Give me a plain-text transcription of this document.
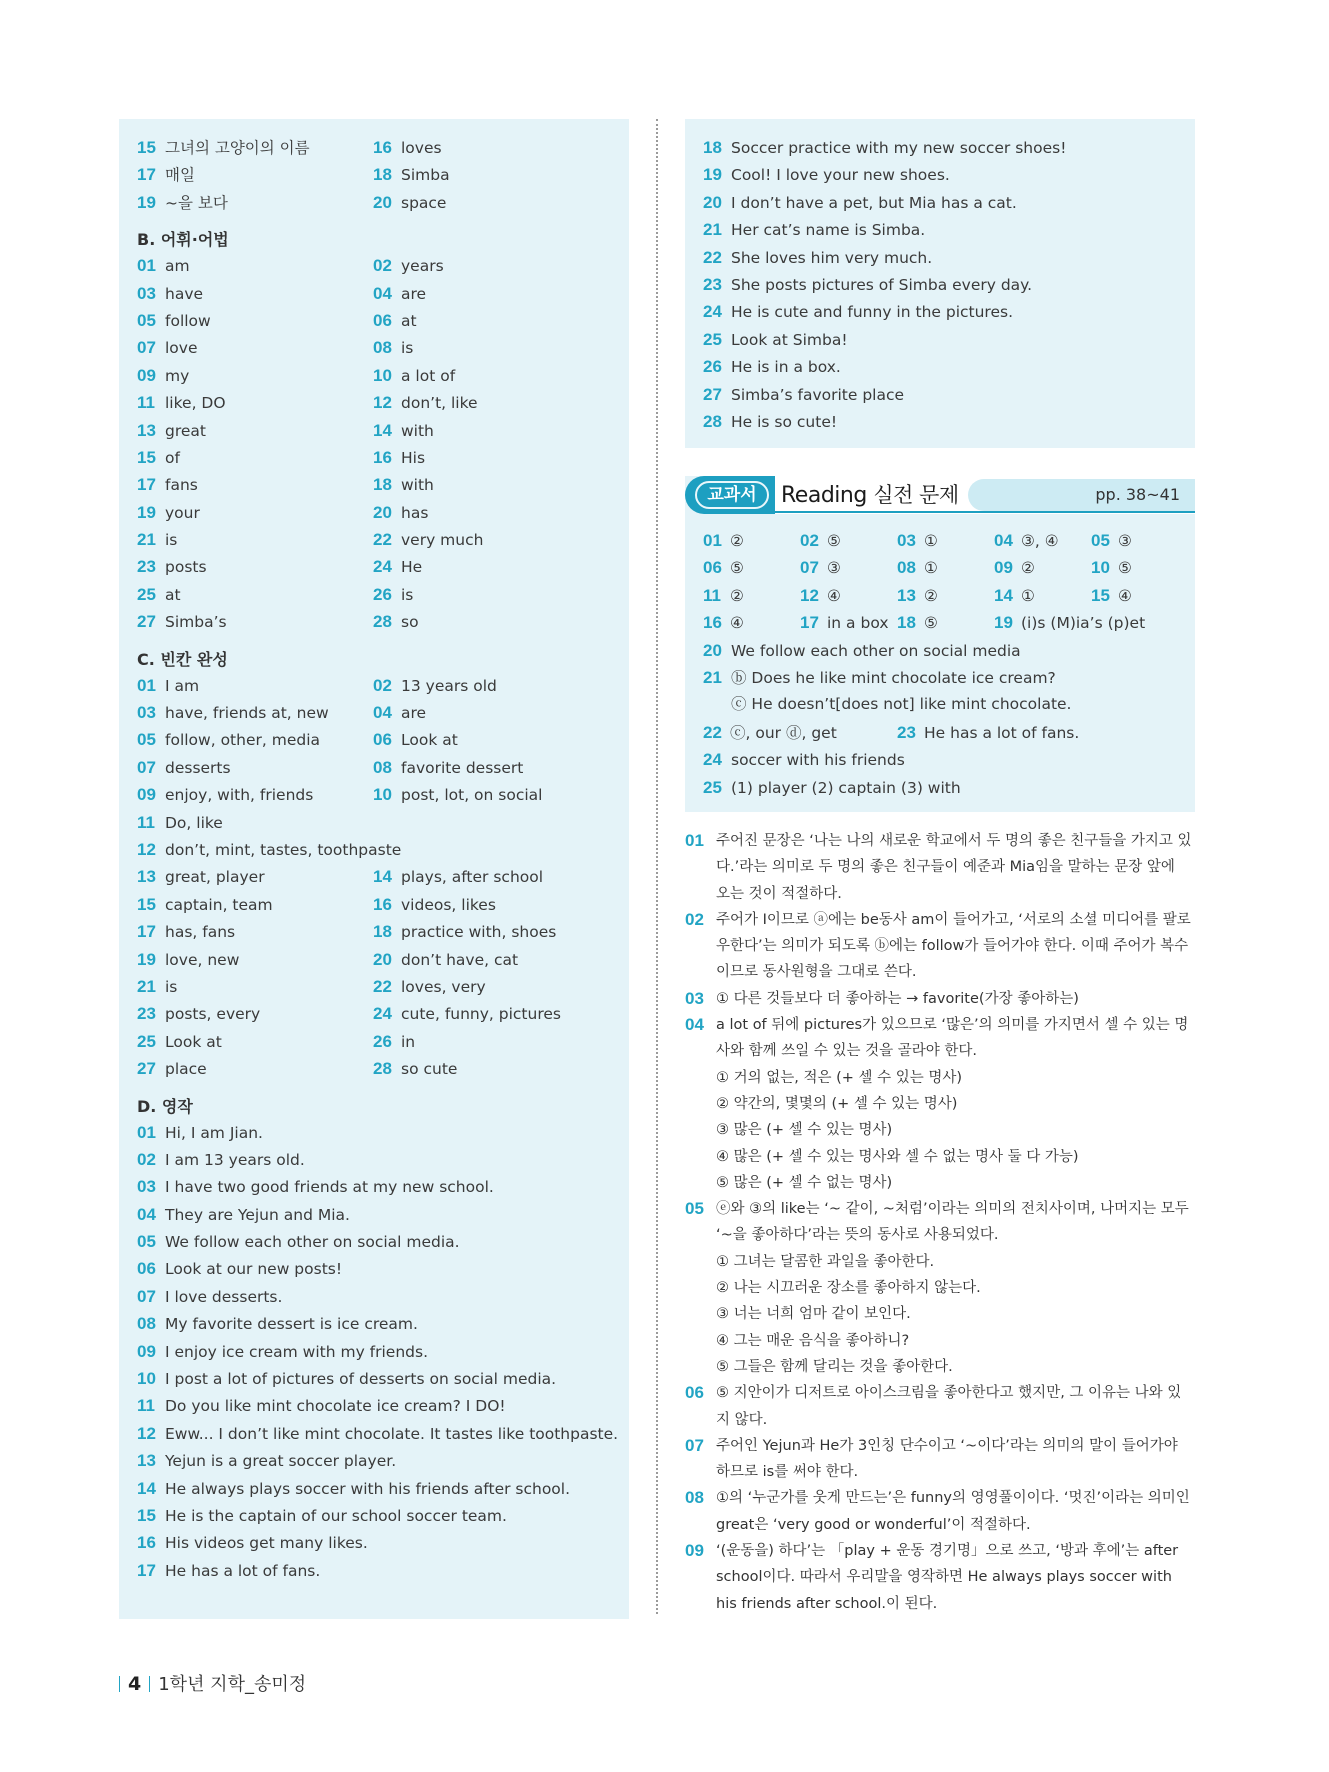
교과서	Reading 실전 문제	pp. 38~41
15 그녀의 고양이의 이름	16 loves
17 매일	18 Simba
19 ~을 보다	20 space
B. 어휘·어법
01 am	02 years
03 have	04 are
05 follow	06 at
07 love	08 is
09 my	10 a lot of
11 like, DO	12 don’t, like
13 great	14 with
15 of	16 His
17 fans	18 with
19 your	20 has
21 is	22 very much
23 posts	24 He
25 at	26 is
27 Simba’s	28 so
C. 빈칸 완성
01 I am	02 13 years old
03 have, friends at, new	04 are
05 follow, other, media	06 Look at
07 desserts	08 favorite dessert
09 enjoy, with, friends	10 post, lot, on social
11 Do, like
12 don’t, mint, tastes, toothpaste
13 great, player	14 plays, after school
15 captain, team	16 videos, likes
17 has, fans	18 practice with, shoes
19 love, new	20 don’t have, cat
21 is	22 loves, very
23 posts, every	24 cute, funny, pictures
25 Look at	26 in
27 place	28 so cute
D. 영작
01 Hi, I am Jian.
02 I am 13 years old.
03 I have two good friends at my new school.
04 They are Yejun and Mia.
05 We follow each other on social media.
06 Look at our new posts!
07 I love desserts.
08 My favorite dessert is ice cream.
09 I enjoy ice cream with my friends.
10 I post a lot of pictures of desserts on social media.
11 Do you like mint chocolate ice cream? I DO!
12 Eww... I don’t like mint chocolate. It tastes like toothpaste.
13 Yejun is a great soccer player.
14 He always plays soccer with his friends after school.
15 He is the captain of our school soccer team.
16 His videos get many likes.
17 He has a lot of fans.
18 Soccer practice with my new soccer shoes!
19 Cool! I love your new shoes.
20 I don’t have a pet, but Mia has a cat.
21 Her cat’s name is Simba.
22 She loves him very much.
23 She posts pictures of Simba every day.
24 He is cute and funny in the pictures.
25 Look at Simba!
26 He is in a box.
27 Simba’s favorite place
28 He is so cute!
01 ②	02 ⑤	03 ①	04 ③, ④ 05 ③
06 ⑤	07 ③	08 ①	09 ②	10 ⑤
11 ②	12 ④	13 ②	14 ①	15 ④
16 ④	17 in a box 18 ⑤	19 (i)s (M)ia’s (p)et
20 We follow each other on social media
21 ⓑ Does he like mint chocolate ice cream?
ⓒ He doesn’t[does not] like mint chocolate.
22 ⓒ, our ⓓ, get	23 He has a lot of fans.
24 soccer with his friends
25 (1) player (2) captain (3) with
01 주어진 문장은 ‘나는 나의 새로운 학교에서 두 명의 좋은 친구들을 가지고 있
다.’라는 의미로 두 명의 좋은 친구들이 예준과 Mia임을 말하는 문장 앞에
오는 것이 적절하다.
02 주어가 I이므로 ⓐ에는 be동사 am이 들어가고, ‘서로의 소셜 미디어를 팔로
우한다’는 의미가 되도록 ⓑ에는 follow가 들어가야 한다. 이때 주어가 복수
이므로 동사원형을 그대로 쓴다.
03 ① 다른 것들보다 더 좋아하는 → favorite(가장 좋아하는)
04 a lot of 뒤에 pictures가 있으므로 ‘많은’의 의미를 가지면서 셀 수 있는 명
사와 함께 쓰일 수 있는 것을 골라야 한다.
① 거의 없는, 적은 (+ 셀 수 있는 명사)
② 약간의, 몇몇의 (+ 셀 수 있는 명사)
③ 많은 (+ 셀 수 있는 명사)
④ 많은 (+ 셀 수 있는 명사와 셀 수 없는 명사 둘 다 가능)
⑤ 많은 (+ 셀 수 없는 명사)
05 ⓔ와 ③의 like는 ‘~ 같이, ~처럼’이라는 의미의 전치사이며, 나머지는 모두
‘~을 좋아하다’라는 뜻의 동사로 사용되었다.
① 그녀는 달콤한 과일을 좋아한다.
② 나는 시끄러운 장소를 좋아하지 않는다.
③ 너는 너희 엄마 같이 보인다.
④ 그는 매운 음식을 좋아하니?
⑤ 그들은 함께 달리는 것을 좋아한다.
06 ⑤ 지안이가 디저트로 아이스크림을 좋아한다고 했지만, 그 이유는 나와 있
지 않다.
07 주어인 Yejun과 He가 3인칭 단수이고 ‘~이다’라는 의미의 말이 들어가야
하므로 is를 써야 한다.
08 ①의 ‘누군가를 웃게 만드는’은 funny의 영영풀이이다. ‘멋진’이라는 의미인
great은 ‘very good or wonderful’이 적절하다.
09 ‘(운동을) 하다’는 「play + 운동 경기명」으로 쓰고, ‘방과 후에’는 after
school이다. 따라서 우리말을 영작하면 He always plays soccer with
his friends after school.이 된다.
4 1학년 지학_송미정
